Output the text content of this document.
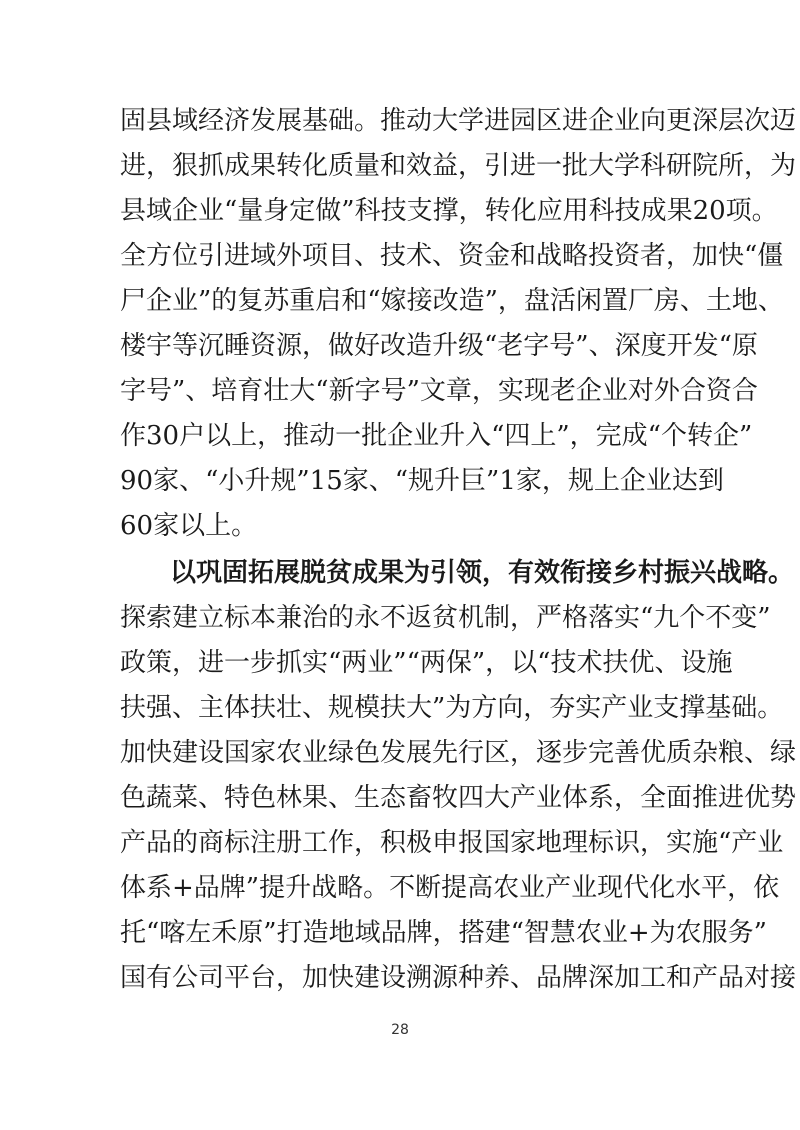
固县域经济发展基础。推动大学进园区进企业向更深层次迈
进，狠抓成果转化质量和效益，引进一批大学科研院所，为
县域企业“量身定做”科技支撑，转化应用科技成果20项。
全方位引进域外项目、技术、资金和战略投资者，加快“僵
尸企业”的复苏重启和“嫁接改造”，盘活闲置厂房、土地、
楼宇等沉睡资源，做好改造升级“老字号”、深度开发“原
字号”、培育壮大“新字号”文章，实现老企业对外合资合
作30户以上，推动一批企业升入“四上”，完成“个转企”
90家、“小升规”15家、“规升巨”1家，规上企业达到
60家以上。
以巩固拓展脱贫成果为引领，有效衔接乡村振兴战略。
探索建立标本兼治的永不返贫机制，严格落实“九个不变”
政策，进一步抓实“两业”“两保”，以“技术扶优、设施
扶强、主体扶壮、规模扶大”为方向，夯实产业支撑基础。
加快建设国家农业绿色发展先行区，逐步完善优质杂粮、绿
色蔬菜、特色林果、生态畜牧四大产业体系，全面推进优势
产品的商标注册工作，积极申报国家地理标识，实施“产业
体系+品牌”提升战略。不断提高农业产业现代化水平，依
托“喀左禾原”打造地域品牌，搭建“智慧农业+为农服务”
国有公司平台，加快建设溯源种养、品牌深加工和产品对接
28
